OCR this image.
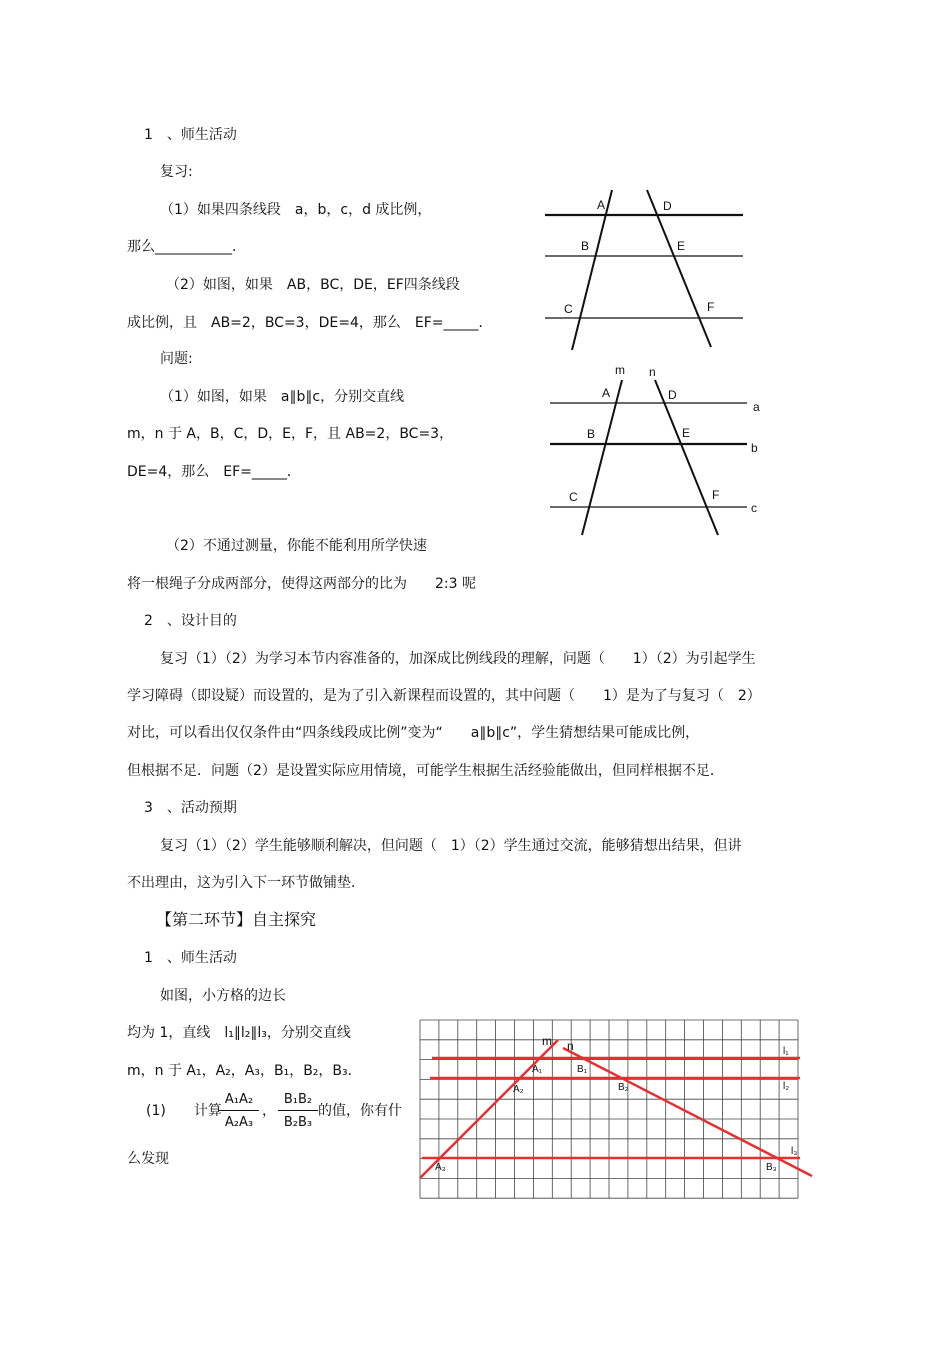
1　、师生活动
复习:
（1）如果四条线段　a，b，c，d 成比例，
那么___________．
（2）如图，如果　AB，BC，DE，EF四条线段
成比例，且　AB=2，BC=3，DE=4，那么　EF=_____．
问题:
（1）如图，如果　a∥b∥c，分别交直线
m，n 于 A，B，C，D，E，F，且 AB=2，BC=3，
DE=4，那么　EF=_____．
（2）不通过测量，你能不能利用所学快速
将一根绳子分成两部分，使得这两部分的比为　　2:3 呢
2　、设计目的
复习（1）（2）为学习本节内容准备的，加深成比例线段的理解，问题（　　1）（2）为引起学生
学习障碍（即设疑）而设置的，是为了引入新课程而设置的，其中问题（　　1）是为了与复习（　2）
对比，可以看出仅仅条件由“四条线段成比例”变为“　　a∥b∥c”，学生猜想结果可能成比例，
但根据不足．问题（2）是设置实际应用情境，可能学生根据生活经验能做出，但同样根据不足．
3　、活动预期
复习（1）（2）学生能够顺利解决，但问题（　1）（2）学生通过交流，能够猜想出结果，但讲
不出理由，这为引入下一环节做铺垫．
【第二环节】自主探究
1　、师生活动
如图，小方格的边长
均为 1，直线　l₁∥l₂∥l₃，分别交直线
m，n 于 A₁，A₂，A₃，B₁，B₂，B₃．
(1)　　计算
$\frac{\text{A₁A₂}}{\text{A₂A₃}}$ ， $\frac{\text{B₁B₂}}{\text{B₂B₃}}$ 的值，你有什
么发现
A	D
B	E
C	F
m n
A	D
a
B	E
b
C	F
c
m n
A₁	B₁
A₂	B₂
A₃	B₃
l₁
l₂
l₃
